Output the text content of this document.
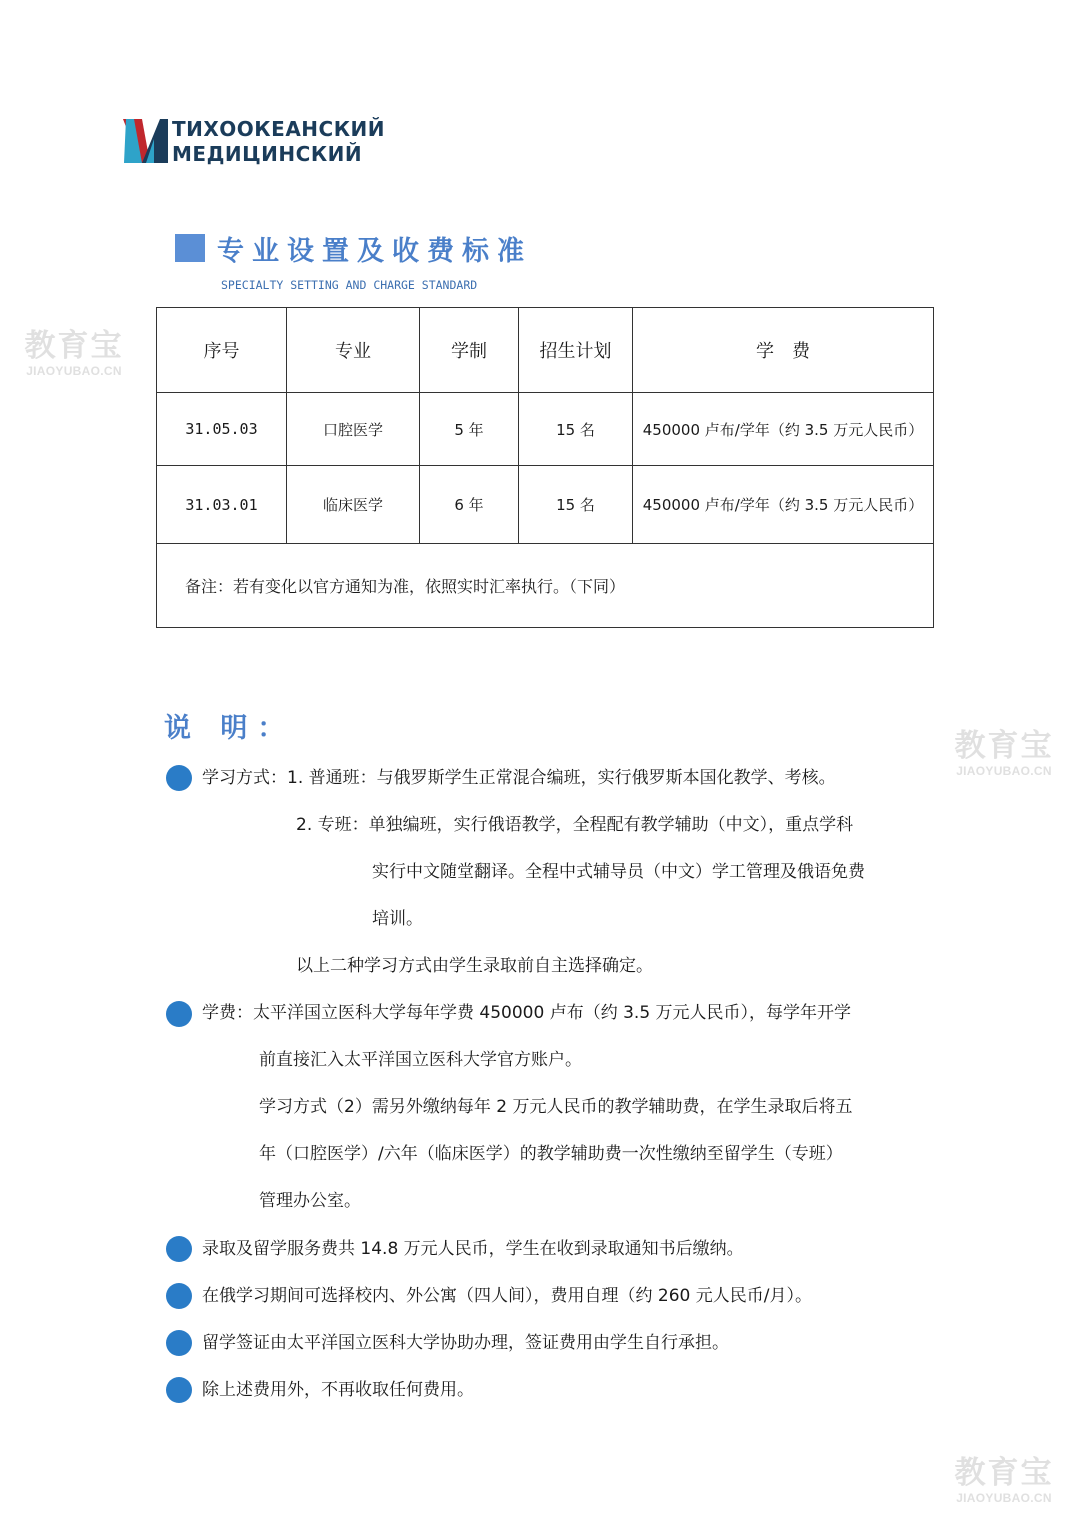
ТИХООКЕАНСКИЙ
МЕДИЦИНСКИЙ
专业设置及收费标准
SPECIALTY SETTING AND CHARGE STANDARD
教育宝
JIAOYUBAO.CN
教育宝
JIAOYUBAO.CN
教育宝
JIAOYUBAO.CN
序号	专业	学制	招生计划	学　费
31.05.03	口腔医学	5 年	15 名	450000 卢布/学年（约 3.5 万元人民币）
31.03.01	临床医学	6 年	15 名	450000 卢布/学年（约 3.5 万元人民币）
备注：若有变化以官方通知为准，依照实时汇率执行。（下同）				
说 明：
学习方式：1. 普通班：与俄罗斯学生正常混合编班，实行俄罗斯本国化教学、考核。
2. 专班：单独编班，实行俄语教学，全程配有教学辅助（中文），重点学科
实行中文随堂翻译。全程中式辅导员（中文）学工管理及俄语免费
培训。
以上二种学习方式由学生录取前自主选择确定。
学费：太平洋国立医科大学每年学费 450000 卢布（约 3.5 万元人民币），每学年开学
前直接汇入太平洋国立医科大学官方账户。
学习方式（2）需另外缴纳每年 2 万元人民币的教学辅助费，在学生录取后将五
年（口腔医学）/六年（临床医学）的教学辅助费一次性缴纳至留学生（专班）
管理办公室。
录取及留学服务费共 14.8 万元人民币，学生在收到录取通知书后缴纳。
在俄学习期间可选择校内、外公寓（四人间），费用自理（约 260 元人民币/月）。
留学签证由太平洋国立医科大学协助办理，签证费用由学生自行承担。
除上述费用外，不再收取任何费用。
